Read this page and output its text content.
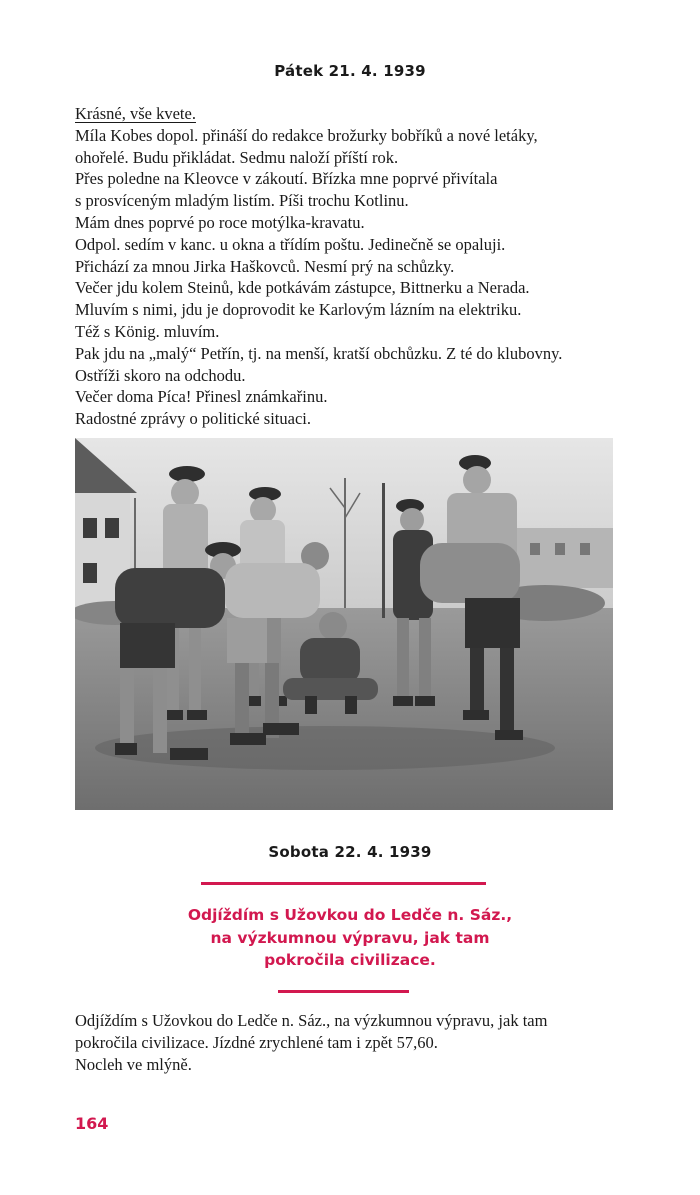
Pátek 21. 4. 1939
Krásné, vše kvete.
Míla Kobes dopol. přináší do redakce brožurky bobříků a nové letáky,
ohořelé. Budu přikládat. Sedmu naloží příští rok.
Přes poledne na Kleovce v zákoutí. Břízka mne poprvé přivítala
s prosvíceným mladým listím. Píši trochu Kotlinu.
Mám dnes poprvé po roce motýlka-kravatu.
Odpol. sedím v kanc. u okna a třídím poštu. Jedinečně se opaluji.
Přichází za mnou Jirka Haškovců. Nesmí prý na schůzky.
Večer jdu kolem Steinů, kde potkávám zástupce, Bittnerku a Nerada.
Mluvím s nimi, jdu je doprovodit ke Karlovým lázním na elektriku.
Též s König. mluvím.
Pak jdu na „malý“ Petřín, tj. na menší, kratší obchůzku. Z té do klubovny.
Ostříži skoro na odchodu.
Večer doma Píca! Přinesl známkařinu.
Radostné zprávy o politické situaci.
Sobota 22. 4. 1939
Odjíždím s Užovkou do Ledče n. Sáz.,
na výzkumnou výpravu, jak tam
pokročila civilizace.
Odjíždím s Užovkou do Ledče n. Sáz., na výzkumnou výpravu, jak tam
pokročila civilizace. Jízdné zrychlené tam i zpět 57,60.
Nocleh ve mlýně.
164
